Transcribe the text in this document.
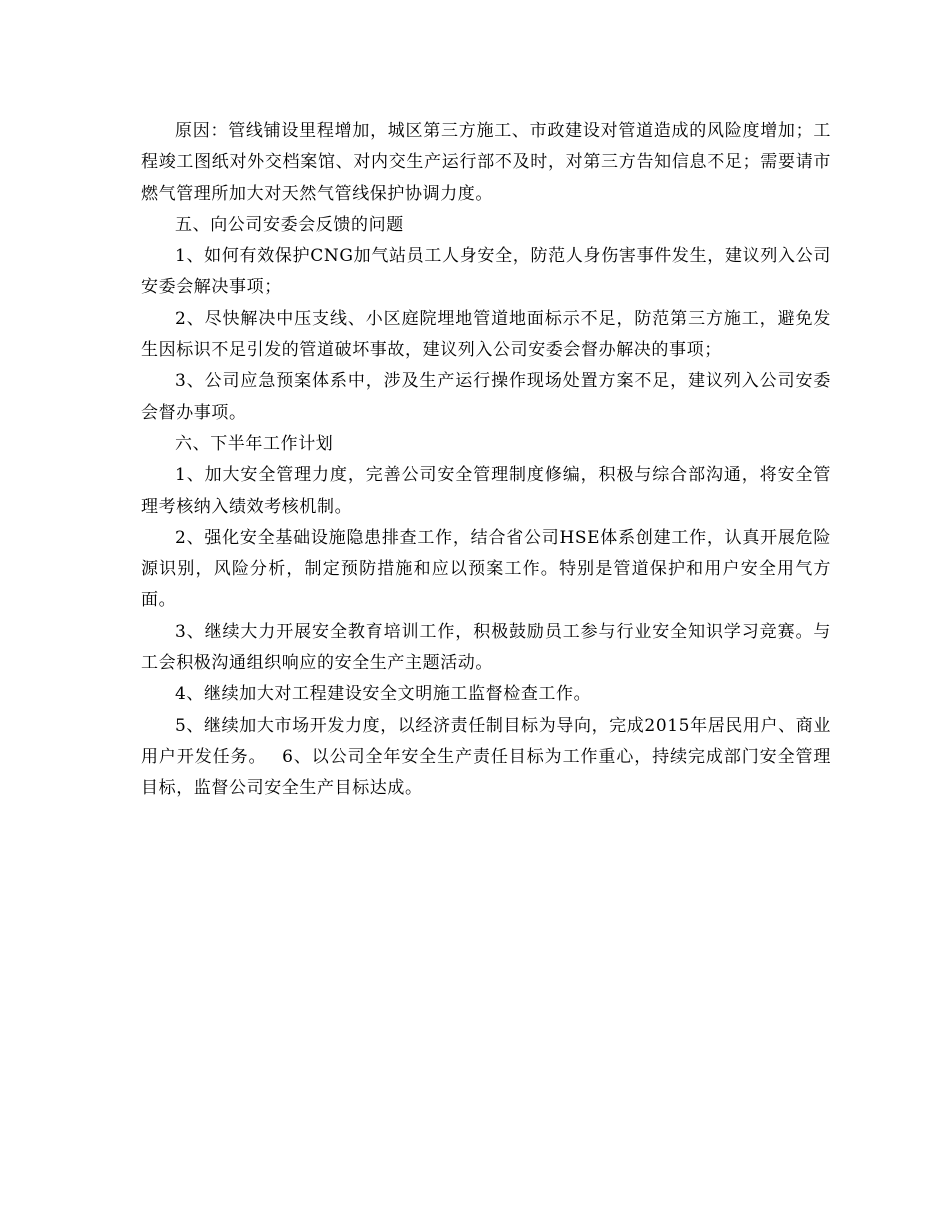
原因：管线铺设里程增加，城区第三方施工、市政建设对管道造成的风险度增加；工程竣工图纸对外交档案馆、对内交生产运行部不及时，对第三方告知信息不足；需要请市燃气管理所加大对天然气管线保护协调力度。

五、向公司安委会反馈的问题

1、如何有效保护CNG加气站员工人身安全，防范人身伤害事件发生，建议列入公司安委会解决事项；

2、尽快解决中压支线、小区庭院埋地管道地面标示不足，防范第三方施工，避免发生因标识不足引发的管道破坏事故，建议列入公司安委会督办解决的事项；

3、公司应急预案体系中，涉及生产运行操作现场处置方案不足，建议列入公司安委会督办事项。

六、下半年工作计划

1、加大安全管理力度，完善公司安全管理制度修编，积极与综合部沟通，将安全管理考核纳入绩效考核机制。

2、强化安全基础设施隐患排查工作，结合省公司HSE体系创建工作，认真开展危险源识别，风险分析，制定预防措施和应以预案工作。特别是管道保护和用户安全用气方面。

3、继续大力开展安全教育培训工作，积极鼓励员工参与行业安全知识学习竞赛。与工会积极沟通组织响应的安全生产主题活动。

4、继续加大对工程建设安全文明施工监督检查工作。

5、继续加大市场开发力度，以经济责任制目标为导向，完成2015年居民用户、商业用户开发任务。　 6、以公司全年安全生产责任目标为工作重心，持续完成部门安全管理目标，监督公司安全生产目标达成。
